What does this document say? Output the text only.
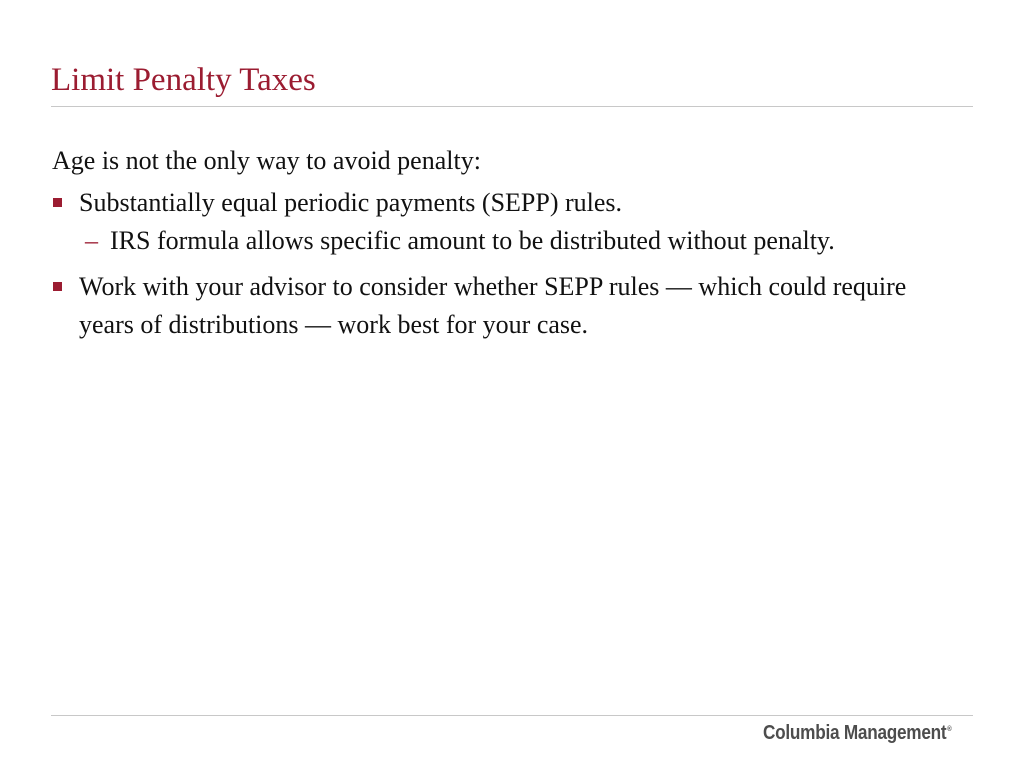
Limit Penalty Taxes

Age is not the only way to avoid penalty:

Substantially equal periodic payments (SEPP) rules.
– IRS formula allows specific amount to be distributed without penalty.
Work with your advisor to consider whether SEPP rules — which could require years of distributions — work best for your case.
Columbia Management®
